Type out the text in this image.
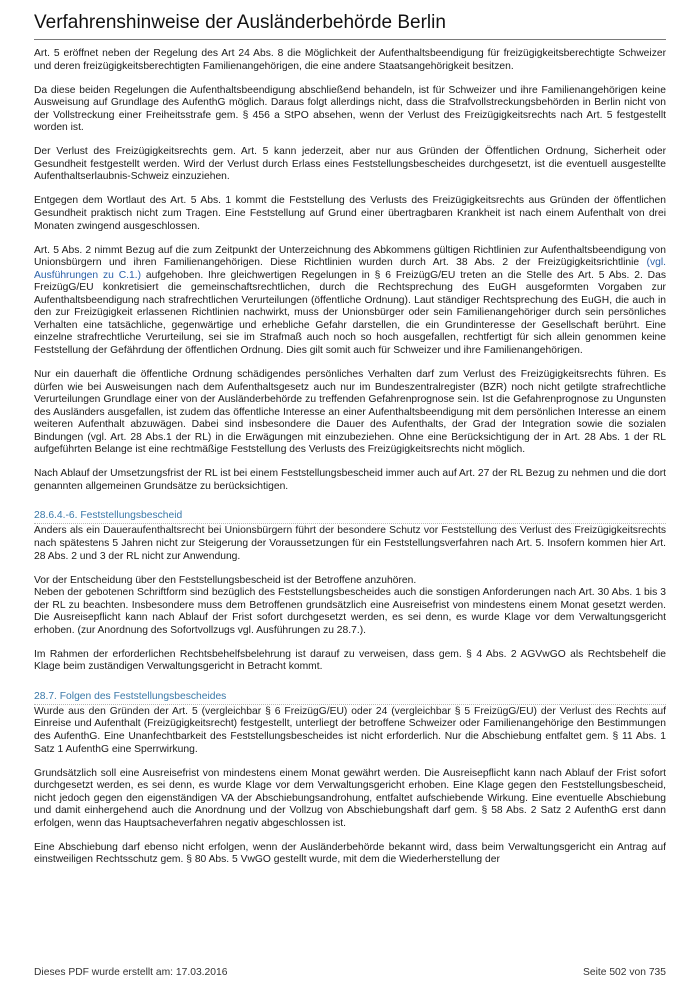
Verfahrenshinweise der Ausländerbehörde Berlin

Art. 5 eröffnet neben der Regelung des Art 24 Abs. 8 die Möglichkeit der Aufenthaltsbeendigung für freizügigkeitsberechtigte Schweizer und deren freizügigkeitsberechtigten Familienangehörigen, die eine andere Staatsangehörigkeit besitzen.

Da diese beiden Regelungen die Aufenthaltsbeendigung abschließend behandeln, ist für Schweizer und ihre Familienangehörigen keine Ausweisung auf Grundlage des AufenthG möglich. Daraus folgt allerdings nicht, dass die Strafvollstreckungsbehörden in Berlin nicht von der Vollstreckung einer Freiheitsstrafe gem. § 456 a StPO absehen, wenn der Verlust des Freizügigkeitsrechts nach Art. 5 festgestellt worden ist.

Der Verlust des Freizügigkeitsrechts gem. Art. 5 kann jederzeit, aber nur aus Gründen der Öffentlichen Ordnung, Sicherheit oder Gesundheit festgestellt werden. Wird der Verlust durch Erlass eines Feststellungsbescheides durchgesetzt, ist die eventuell ausgestellte Aufenthaltserlaubnis-Schweiz einzuziehen.

Entgegen dem Wortlaut des Art. 5 Abs. 1 kommt die Feststellung des Verlusts des Freizügigkeitsrechts aus Gründen der öffentlichen Gesundheit praktisch nicht zum Tragen. Eine Feststellung auf Grund einer übertragbaren Krankheit ist nach einem Aufenthalt von drei Monaten zwingend ausgeschlossen.

Art. 5 Abs. 2 nimmt Bezug auf die zum Zeitpunkt der Unterzeichnung des Abkommens gültigen Richtlinien zur Aufenthaltsbeendigung von Unionsbürgern und ihren Familienangehörigen. Diese Richtlinien wurden durch Art. 38 Abs. 2 der Freizügigkeitsrichtlinie (vgl. Ausführungen zu C.1.) aufgehoben. Ihre gleichwertigen Regelungen in § 6 FreizügG/EU treten an die Stelle des Art. 5 Abs. 2. Das FreizügG/EU konkretisiert die gemeinschaftsrechtlichen, durch die Rechtsprechung des EuGH ausgeformten Vorgaben zur Aufenthaltsbeendigung nach strafrechtlichen Verurteilungen (öffentliche Ordnung). Laut ständiger Rechtsprechung des EuGH, die auch in den zur Freizügigkeit erlassenen Richtlinien nachwirkt, muss der Unionsbürger oder sein Familienangehöriger durch sein persönliches Verhalten eine tatsächliche, gegenwärtige und erhebliche Gefahr darstellen, die ein Grundinteresse der Gesellschaft berührt. Eine einzelne strafrechtliche Verurteilung, sei sie im Strafmaß auch noch so hoch ausgefallen, rechtfertigt für sich allein genommen keine Feststellung der Gefährdung der öffentlichen Ordnung. Dies gilt somit auch für Schweizer und ihre Familienangehörigen.

Nur ein dauerhaft die öffentliche Ordnung schädigendes persönliches Verhalten darf zum Verlust des Freizügigkeitsrechts führen. Es dürfen wie bei Ausweisungen nach dem Aufenthaltsgesetz auch nur im Bundeszentralregister (BZR) noch nicht getilgte strafrechtliche Verurteilungen Grundlage einer von der Ausländerbehörde zu treffenden Gefahrenprognose sein. Ist die Gefahrenprognose zu Ungunsten des Ausländers ausgefallen, ist zudem das öffentliche Interesse an einer Aufenthaltsbeendigung mit dem persönlichen Interesse an einem weiteren Aufenthalt abzuwägen. Dabei sind insbesondere die Dauer des Aufenthalts, der Grad der Integration sowie die sozialen Bindungen (vgl. Art. 28 Abs.1 der RL) in die Erwägungen mit einzubeziehen. Ohne eine Berücksichtigung der in Art. 28 Abs. 1 der RL aufgeführten Belange ist eine rechtmäßige Feststellung des Verlusts des Freizügigkeitsrechts nicht möglich.

Nach Ablauf der Umsetzungsfrist der RL ist bei einem Feststellungsbescheid immer auch auf Art. 27 der RL Bezug zu nehmen und die dort genannten allgemeinen Grundsätze zu berücksichtigen.

28.6.4.-6. Feststellungsbescheid

Anders als ein Daueraufenthaltsrecht bei Unionsbürgern führt der besondere Schutz vor Feststellung des Verlust des Freizügigkeitsrechts nach spätestens 5 Jahren nicht zur Steigerung der Voraussetzungen für ein Feststellungsverfahren nach Art. 5. Insofern kommen hier Art. 28 Abs. 2 und 3 der RL nicht zur Anwendung.

Vor der Entscheidung über den Feststellungsbescheid ist der Betroffene anzuhören.

Neben der gebotenen Schriftform sind bezüglich des Feststellungsbescheides auch die sonstigen Anforderungen nach Art. 30 Abs. 1 bis 3 der RL zu beachten. Insbesondere muss dem Betroffenen grundsätzlich eine Ausreisefrist von mindestens einem Monat gesetzt werden. Die Ausreisepflicht kann nach Ablauf der Frist sofort durchgesetzt werden, es sei denn, es wurde Klage vor dem Verwaltungsgericht erhoben. (zur Anordnung des Sofortvollzugs vgl. Ausführungen zu 28.7.).

Im Rahmen der erforderlichen Rechtsbehelfsbelehrung ist darauf zu verweisen, dass gem. § 4 Abs. 2 AGVwGO als Rechtsbehelf die Klage beim zuständigen Verwaltungsgericht in Betracht kommt.

28.7. Folgen des Feststellungsbescheides

Wurde aus den Gründen der Art. 5 (vergleichbar § 6 FreizügG/EU) oder 24 (vergleichbar § 5 FreizügG/EU) der Verlust des Rechts auf Einreise und Aufenthalt (Freizügigkeitsrecht) festgestellt, unterliegt der betroffene Schweizer oder Familienangehörige den Bestimmungen des AufenthG. Eine Unanfechtbarkeit des Feststellungsbescheides ist nicht erforderlich. Nur die Abschiebung entfaltet gem. § 11 Abs. 1 Satz 1 AufenthG eine Sperrwirkung.

Grundsätzlich soll eine Ausreisefrist von mindestens einem Monat gewährt werden. Die Ausreisepflicht kann nach Ablauf der Frist sofort durchgesetzt werden, es sei denn, es wurde Klage vor dem Verwaltungsgericht erhoben. Eine Klage gegen den Feststellungsbescheid, nicht jedoch gegen den eigenständigen VA der Abschiebungsandrohung, entfaltet aufschiebende Wirkung. Eine eventuelle Abschiebung und damit einhergehend auch die Anordnung und der Vollzug von Abschiebungshaft darf gem. § 58 Abs. 2 Satz 2 AufenthG erst dann erfolgen, wenn das Hauptsacheverfahren negativ abgeschlossen ist.

Eine Abschiebung darf ebenso nicht erfolgen, wenn der Ausländerbehörde bekannt wird, dass beim Verwaltungsgericht ein Antrag auf einstweiligen Rechtsschutz gem. § 80 Abs. 5 VwGO gestellt wurde, mit dem die Wiederherstellung der

Dieses PDF wurde erstellt am: 17.03.2016	Seite 502 von 735
